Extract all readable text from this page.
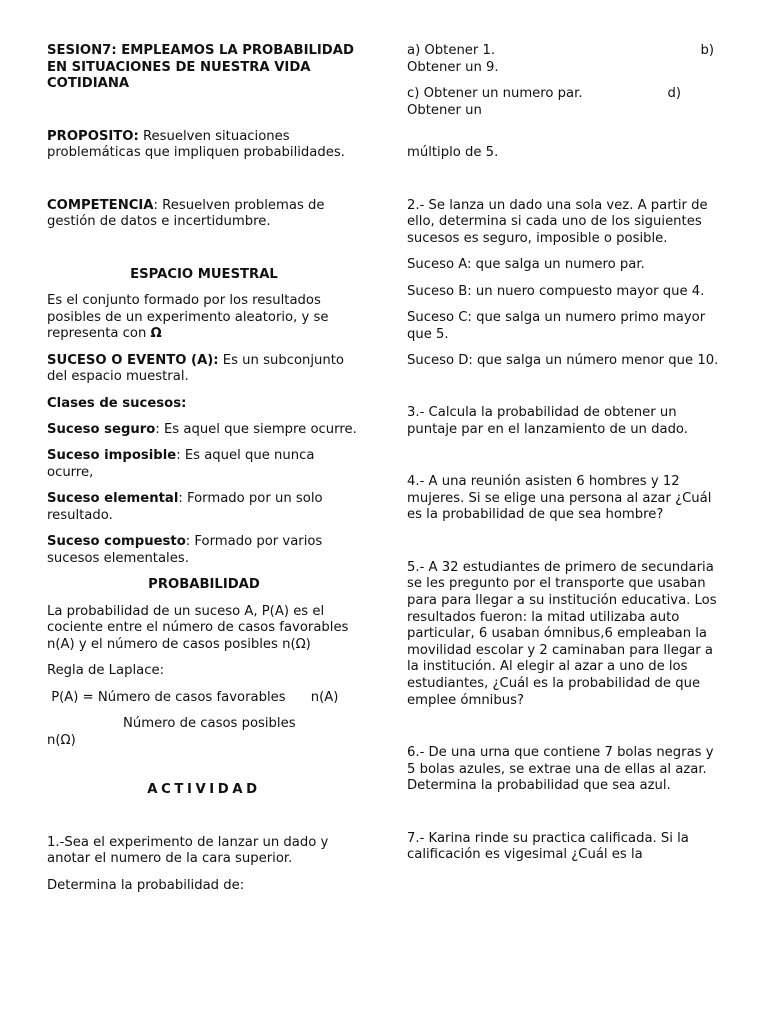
SESION7: EMPLEAMOS LA PROBABILIDAD EN SITUACIONES DE NUESTRA VIDA COTIDIANA

PROPOSITO: Resuelven situaciones problemáticas que impliquen probabilidades.

COMPETENCIA: Resuelven problemas de gestión de datos e incertidumbre.

ESPACIO MUESTRAL

Es el conjunto formado por los resultados posibles de un experimento aleatorio, y se representa con Ω

SUCESO O EVENTO (A): Es un subconjunto del espacio muestral.

Clases de sucesos:

Suceso seguro: Es aquel que siempre ocurre.

Suceso imposible: Es aquel que nunca ocurre,

Suceso elemental: Formado por un solo resultado.

Suceso compuesto: Formado por varios sucesos elementales.

PROBABILIDAD

La probabilidad de un suceso A, P(A) es el cociente entre el número de casos favorables n(A) y el número de casos posibles n(Ω)

Regla de Laplace:

P(A) = Número de casos favorables      n(A)

Número de casos posibles
n(Ω)

ACTIVIDAD

1.-Sea el experimento de lanzar un dado y anotar el numero de la cara superior.

Determina la probabilidad de:

a) Obtener 1.	b)
Obtener un 9.
c) Obtener un numero par.	d)
Obtener un

múltiplo de 5.

2.- Se lanza un dado una sola vez. A partir de ello, determina si cada uno de los siguientes sucesos es seguro, imposible o posible.

Suceso A: que salga un numero par.

Suceso B: un nuero compuesto mayor que 4.

Suceso C: que salga un numero primo mayor que 5.

Suceso D: que salga un número menor que 10.

3.- Calcula la probabilidad de obtener un puntaje par en el lanzamiento de un dado.

4.- A una reunión asisten 6 hombres y 12 mujeres. Si se elige una persona al azar ¿Cuál es la probabilidad de que sea hombre?

5.- A 32 estudiantes de primero de secundaria se les pregunto por el transporte que usaban para para llegar a su institución educativa. Los resultados fueron: la mitad utilizaba auto particular, 6 usaban ómnibus,6 empleaban la movilidad escolar y 2 caminaban para llegar a la institución. Al elegir al azar a uno de los estudiantes, ¿Cuál es la probabilidad de que emplee ómnibus?

6.- De una urna que contiene 7 bolas negras y 5 bolas azules, se extrae una de ellas al azar. Determina la probabilidad que sea azul.

7.- Karina rinde su practica calificada. Si la calificación es vigesimal ¿Cuál es la
